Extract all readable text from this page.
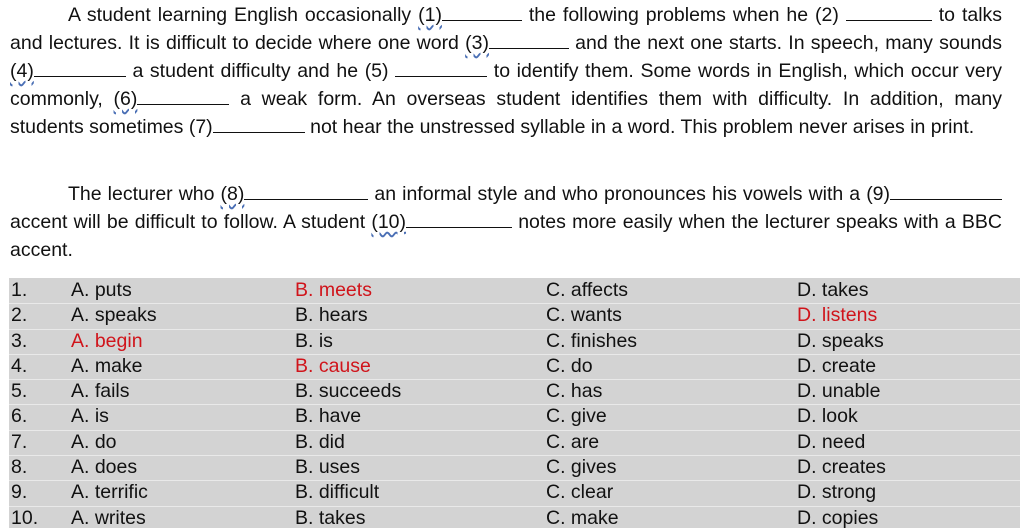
A student learning English occasionally (1)	the following problems when he (2)	to talks and lectures. It is difficult to decide where one word (3)	and the next one starts. In speech, many sounds (4)	a student difficulty and he (5)	to identify them. Some words in English, which occur very commonly, (6)	a weak form. An overseas student identifies them with difficulty. In addition, many students sometimes (7)	not hear the unstressed syllable in a word. This problem never arises in print.

The lecturer who (8)	an informal style and who pronounces his vowels with a (9) accent will be difficult to follow. A student (10)	notes more easily when the lecturer speaks with a BBC accent.

1. A. puts	B. meets	C. affects	D. takes
2. A. speaks	B. hears	C. wants	D. listens
3. A. begin	B. is	C. finishes	D. speaks
4. A. make	B. cause	C. do	D. create
5. A. fails	B. succeeds	C. has	D. unable
6. A. is	B. have	C. give	D. look
7. A. do	B. did	C. are	D. need
8. A. does	B. uses	C. gives	D. creates
9. A. terrific	B. difficult	C. clear	D. strong
10. A. writes	B. takes	C. make	D. copies
